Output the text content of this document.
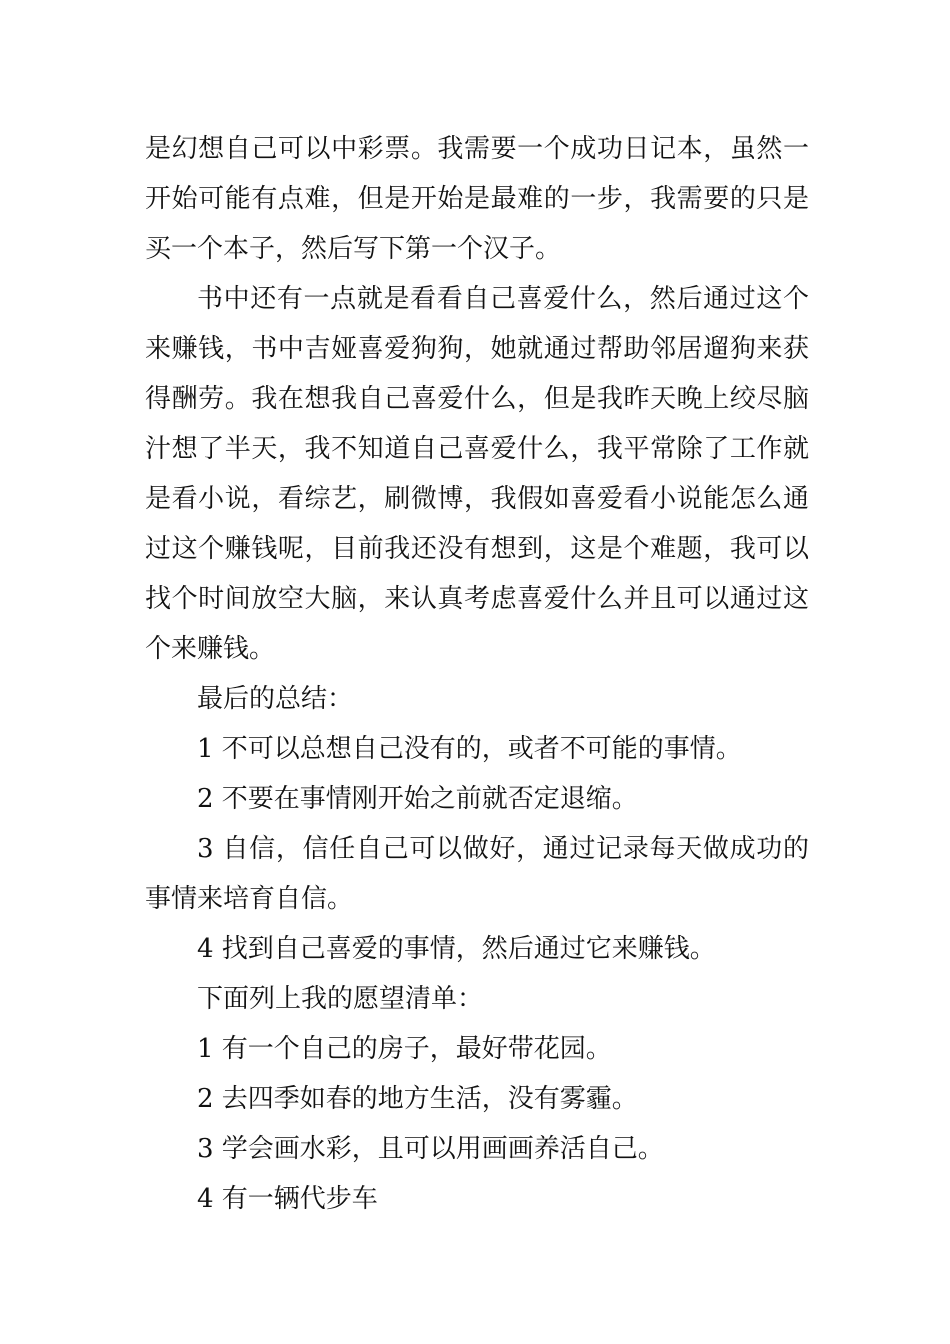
是幻想自己可以中彩票。我需要一个成功日记本，虽然一开始可能有点难，但是开始是最难的一步，我需要的只是买一个本子，然后写下第一个汉子。

书中还有一点就是看看自己喜爱什么，然后通过这个来赚钱，书中吉娅喜爱狗狗，她就通过帮助邻居遛狗来获得酬劳。我在想我自己喜爱什么，但是我昨天晚上绞尽脑汁想了半天，我不知道自己喜爱什么，我平常除了工作就是看小说，看综艺，刷微博，我假如喜爱看小说能怎么通过这个赚钱呢，目前我还没有想到，这是个难题，我可以找个时间放空大脑，来认真考虑喜爱什么并且可以通过这个来赚钱。

最后的总结：

1 不可以总想自己没有的，或者不可能的事情。

2 不要在事情刚开始之前就否定退缩。

3 自信，信任自己可以做好，通过记录每天做成功的事情来培育自信。

4 找到自己喜爱的事情，然后通过它来赚钱。

下面列上我的愿望清单：

1 有一个自己的房子，最好带花园。

2 去四季如春的地方生活，没有雾霾。

3 学会画水彩，且可以用画画养活自己。

4 有一辆代步车
